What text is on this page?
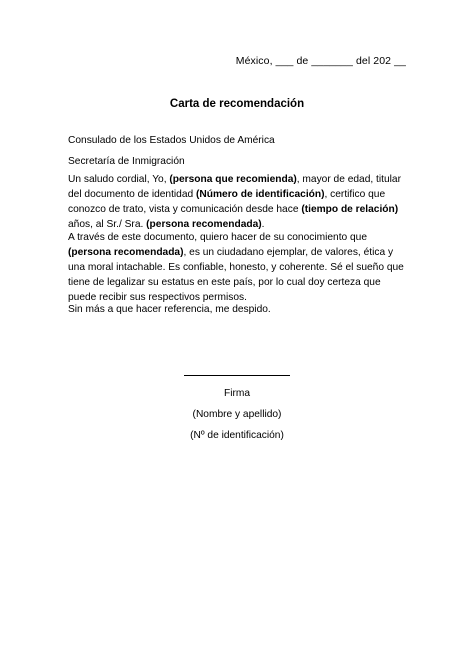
México, ___ de _______ del 202 __
Carta de recomendación
Consulado de los Estados Unidos de América
Secretaría de Inmigración
Un saludo cordial, Yo, (persona que recomienda), mayor de edad, titular del documento de identidad (Número de identificación), certifico que conozco de trato, vista y comunicación desde hace (tiempo de relación) años, al Sr./ Sra. (persona recomendada).
A través de este documento, quiero hacer de su conocimiento que (persona recomendada), es un ciudadano ejemplar, de valores, ética y una moral intachable. Es confiable, honesto, y coherente. Sé el sueño que tiene de legalizar su estatus en este país, por lo cual doy certeza que puede recibir sus respectivos permisos.
Sin más a que hacer referencia, me despido.
Firma
(Nombre y apellido)
(Nº de identificación)
